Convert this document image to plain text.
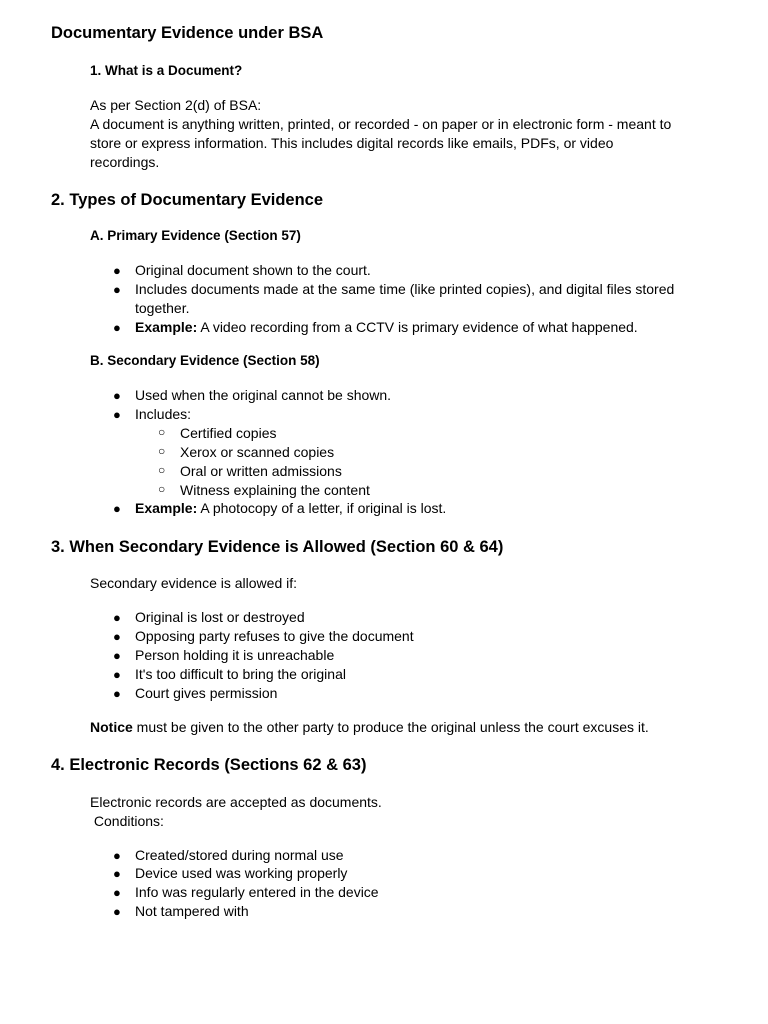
Documentary Evidence under BSA
1. What is a Document?
As per Section 2(d) of BSA:
A document is anything written, printed, or recorded - on paper or in electronic form - meant to
store or express information. This includes digital records like emails, PDFs, or video
recordings.
2. Types of Documentary Evidence
A. Primary Evidence (Section 57)
● Original document shown to the court.
● Includes documents made at the same time (like printed copies), and digital files stored
together.
● Example: A video recording from a CCTV is primary evidence of what happened.
B. Secondary Evidence (Section 58)
● Used when the original cannot be shown.
● Includes:
○ Certified copies
○ Xerox or scanned copies
○ Oral or written admissions
○ Witness explaining the content
● Example: A photocopy of a letter, if original is lost.
3. When Secondary Evidence is Allowed (Section 60 & 64)
Secondary evidence is allowed if:
● Original is lost or destroyed
● Opposing party refuses to give the document
● Person holding it is unreachable
● It's too difficult to bring the original
● Court gives permission
Notice must be given to the other party to produce the original unless the court excuses it.
4. Electronic Records (Sections 62 & 63)
Electronic records are accepted as documents.
Conditions:
● Created/stored during normal use
● Device used was working properly
● Info was regularly entered in the device
● Not tampered with
